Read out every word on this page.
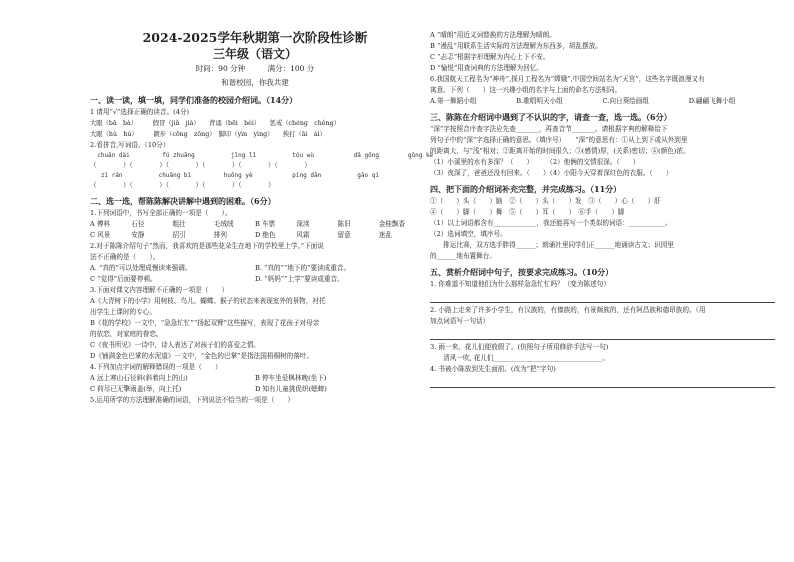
2024-2025学年秋期第一次阶段性诊断
三年级（语文）
时间：90 分钟　　　满分：100 分
和谐校园，你我共建
一、读一读，填一填，同学们准备的校园介绍词。（14分）
1 请用“√”选择正确的读音。(4分)
大眼（bā　bà）　　　假冒（jiǎ　jià）　　背诵（bēi　bèi）　　惩戒（chéng　chěng）
大眼（hù　hú）　　　踱步（cōng　zōng）　脚印（yìn　yìng）　　挨打（āi　ái）
2.看拼音,写词语。（10分）
chuān dài         fú zhuāng          jīng lǐ          tóu wù           dǎ gōng        gōng kè
（　　　　）（　　　　）（　　　　）（　　　　）（　　　　）（　　　　）
zì rán          chuāng bì         huǒng yè           píng dān          gāo qí
（　　　　）（　　　　）（　　　　）（　　　　）（　　　　）
二、选一选，帮陈陈解决讲解中遇到的困难。（6分）
1.下列词语中，书写全部正确的一项是（　　）。
A 傅料	石径	粗壮	毛绒绒	B 车票	深渎	陈旧	金桂飘香
C 风景	安静	招引	排列	D 绝色	风霜	留意	迷乱
2.对于陈陈介绍句子“然而，我喜欢的是那些花朵生在地下的学校里上学。”下面说
法不正确的是（　　）。
A. “真的”可以处理成慢读来强调。	B. “真的”“地下的”要读成重音。
C “觉得”后面要停顿。	D. “妈妈”“上学”要读成重音。
3.下面对课文内容理解不正确的一项是（　　）
A《大青树下的小学》用树枝、鸟儿、蝴蝶、猴子的状态来表现室外的景物，衬托
出学生上课时的专心。
B《花的学校》一文中，“急急忙忙”“扬起双臂”这些描写，表现了花孩子对母亲
的依恋，对家庭的眷恋。
C《夜书所见》一诗中，诗人表达了对孩子们的喜爱之情。
D《铺满金色巴掌的水泥道》一文中，“金色的巴掌”是指法国梧桐树的落叶。
4.下列加点字词的解释错误的一项是（　　）
A 远上寒山石径斜(斜着向上的山)	B 停车坐爱枫林晚(坐下)
C 荷尽已无擎雨盖(举，向上托)	D 知有儿童挑促织(蟋蟀)
5.运用所学的方法理解准确的词语，下列说法不恰当的一项是（　　）
A “晴朗”用近义词替换的方法理解为晴朗。
B “漫乱”用联系生活实际的方法理解为东西多，胡乱摆放。
C “忐忑”根据字形理解为内心上下不安。
D “愉悦”用查词典的方法理解为回忆。
6.我国航天工程名为“神舟”,探月工程名为“嫦娥”,中国空间站名为“天宫”，这些名字既浪漫又有
寓意。下列（　　）这一兴趣小组的名字与上面的命名方法相同。
A.第一舞蹈小组	B.歌唱明天小组	C.向日葵绘画组	D.翩翩飞舞小组
三、陈陈在介绍词中遇到了不认识的字，请查一查，选一选。（6分）
“深”字按照音序查字法应先查_______，再查音节_______。请根据字典的解释给下
列句子中的“深”字选择正确的意思。（填序号）　　“深”的意思有：①从上到下或从外到里
的距离大，与“浅”相对；②距离开始的时间很久；③(感情)厚，(关系)密切；④(颜色)浓。
（1）小溪里的水有多深？（　　）　　　（2）他俩的交情很深。（　　）
（3）夜深了，爸爸还没有回来。（　　）（4）小阳今天穿着深红色的衣服。（　　）
四、把下面的介绍词补充完整，并完成练习。（11分）
①（　　）头（　　）脑　②（　　）头（　　）发　③（　　）心（　　）肝
④（　　）脚（　　）舞　⑤（　　）耳（　　）　⑥手（　　）脚
（1）以上词语都含有_____________，我还能再写一个类似的词语：___________。
（2）选词填空，填序号。
　　排运比赛，双方选手胖得______；朗诵社里同学们正______地诵读古文；识园里
的______地布置舞台。
五、赏析介绍词中句子，按要求完成练习。（10分）
1. 你难道不知道他们为什么那样急急忙忙吗？（变为陈述句）
2. 小路上走来了许多小学生，有汉族的，有傣族的，有景颇族的，还有阿昌族和德昂族的。（用
加点词语写一句话）
3. 雨一来，花儿们便放假了。(仿照句子所用修辞手法写一句)
　　清风一吹, 花儿们_________________________________。
4. 书被小陈放到先生面前。(改为“把”字句)
